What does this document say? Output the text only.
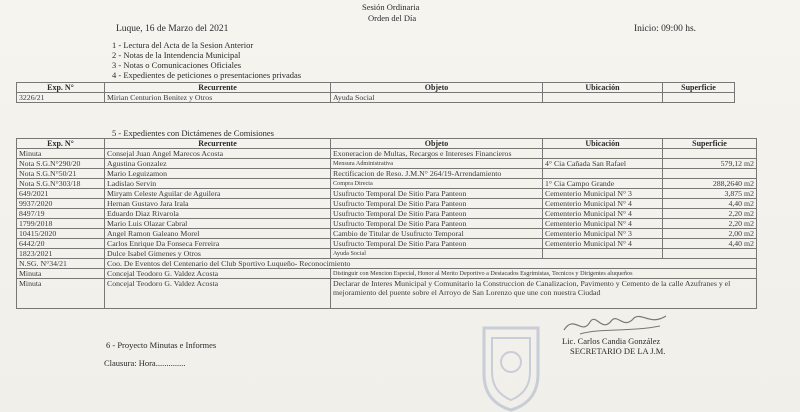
Sesión Ordinaria
Orden del Día
Luque, 16 de Marzo del 2021	Inicio: 09:00 hs.
1 - Lectura del Acta de la Sesion Anterior
2 - Notas de la Intendencia Municipal
3 - Notas o Comunicaciones Oficiales
4 - Expedientes de peticiones o presentaciones privadas
Exp. N°	Recurrente	Objeto	Ubicación	Superficie
3226/21	Mirian Centurion Benitez y Otros	Ayuda Social		
5 - Expedientes con Dictámenes de Comisiones
Exp. N°	Recurrente	Objeto	Ubicación	Superficie
Minuta	Consejal Juan Angel Marecos Acosta	Exoneracion de Multas, Recargos e Intereses Financieros		
Nota S.G.N°290/20	Agustina Gonzalez	Mensura Administrativa	4° Cia Cañada San Rafael	579,12 m2
Nota S.G.N°50/21	Mario Leguizamon	Rectificacion de Reso. J.M.N° 264/19-Arrendamiento		
Nota S.G.N°303/18	Ladislao Servin	Compra Directa	1° Cia Campo Grande	288,2640 m2
649/2021	Miryam Celeste Aguilar de Aguilera	Usufructo Temporal De Sitio Para Panteon	Cementerio Municipal N° 3	3,875 m2
9937/2020	Hernan Gustavo Jara Irala	Usufructo Temporal De Sitio Para Panteon	Cementerio Municipal N° 4	4,40 m2
8497/19	Eduardo Diaz Rivarola	Usufructo Temporal De Sitio Para Panteon	Cementerio Municipal N° 4	2,20 m2
1799/2018	Mario Luis Olazar Cabral	Usufructo Temporal De Sitio Para Panteon	Cementerio Municipal N° 4	2,20 m2
10415/2020	Angel Ramon Galeano Morel	Cambio de Titular de Usufructo Temporal	Cementerio Municipal N° 3	2,00 m2
6442/20	Carlos Enrique Da Fonseca Ferreira	Usufructo Temporal De Sitio Para Panteon	Cementerio Municipal N° 4	4,40 m2
1823/2021	Dulce Isabel Gimenes y Otros	Ayuda Social		
N.SG. N°34/21	Coo. De Eventos del Centenario del Club Sportivo Luqueño- Reconocimiento			
Minuta	Concejal Teodoro G. Valdez Acosta	Distinguir con Mencion Especial, Honor al Merito Deportivo a Destacados Esgrimistas, Tecnicos y Dirigentes aluqueños		
Minuta	Concejal Teodoro G. Valdez Acosta	Declarar de Interes Municipal y Comunitario la Construccion de Canalizacion, Pavimento y Cemento de la calle Azufranes y el mejoramiento del puente sobre el Arroyo de San Lorenzo que une con nuestra Ciudad		
Lic. Carlos Candia González
SECRETARIO DE LA J.M.
6 - Proyecto Minutas e Informes
Clausura: Hora..............
